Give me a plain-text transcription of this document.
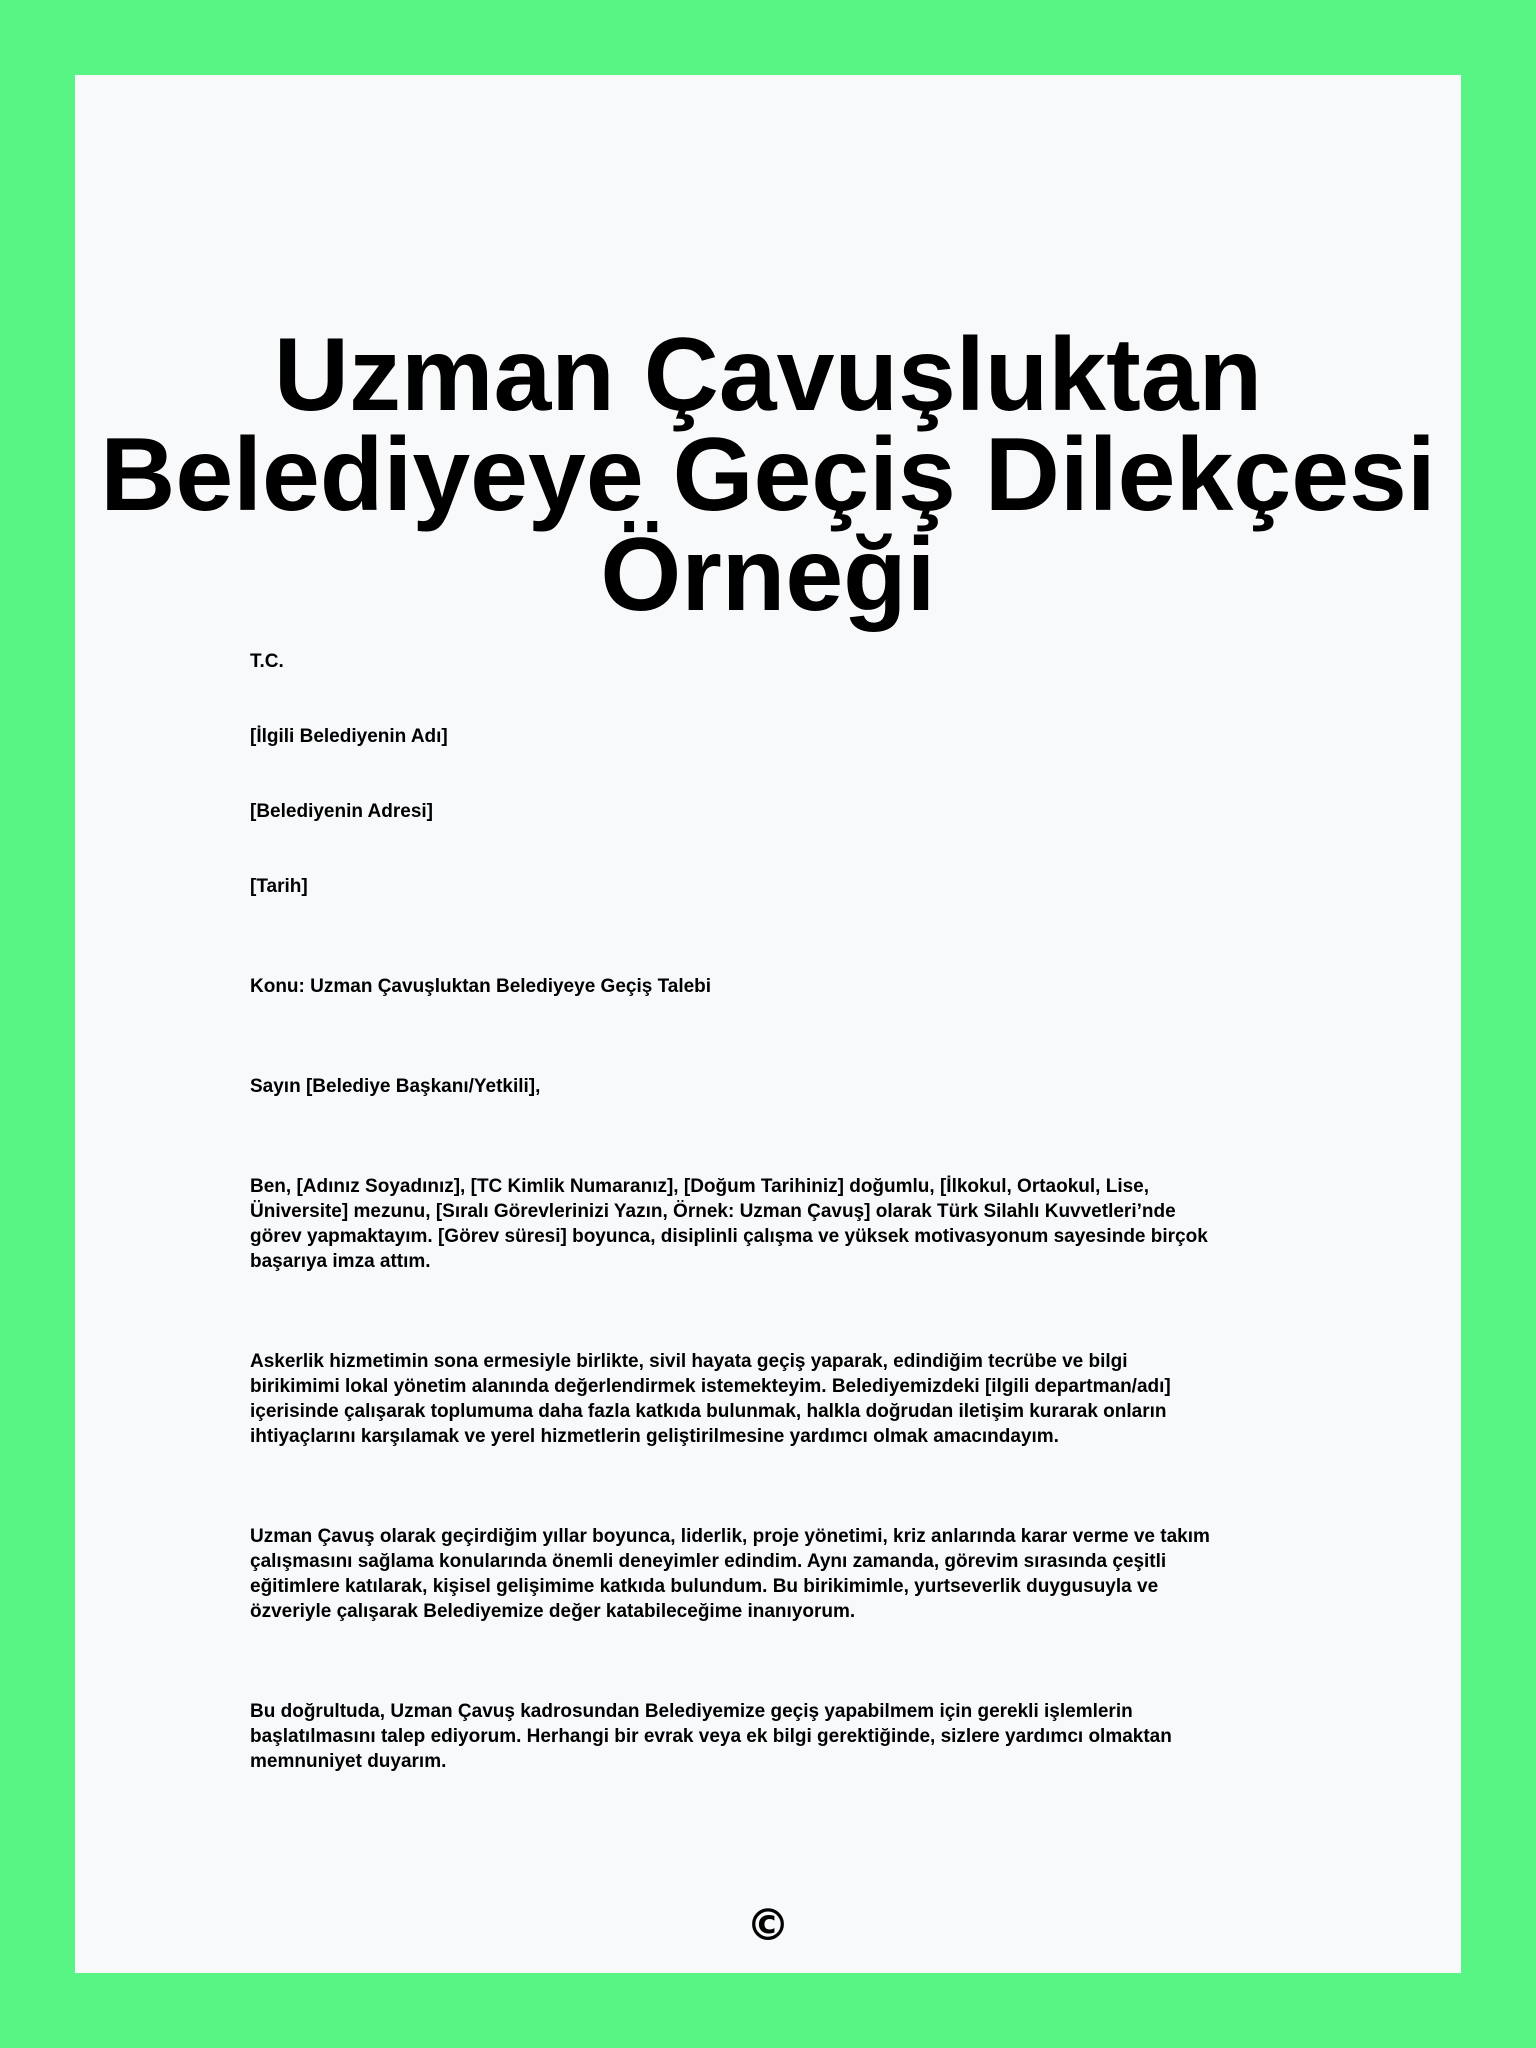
Uzman Çavuşluktan
Belediyeye Geçiş Dilekçesi
Örneği

T.C.

[İlgili Belediyenin Adı]

[Belediyenin Adresi]

[Tarih]

Konu: Uzman Çavuşluktan Belediyeye Geçiş Talebi

Sayın [Belediye Başkanı/Yetkili],

Ben, [Adınız Soyadınız], [TC Kimlik Numaranız], [Doğum Tarihiniz] doğumlu, [İlkokul, Ortaokul, Lise,
Üniversite] mezunu, [Sıralı Görevlerinizi Yazın, Örnek: Uzman Çavuş] olarak Türk Silahlı Kuvvetleri’nde
görev yapmaktayım. [Görev süresi] boyunca, disiplinli çalışma ve yüksek motivasyonum sayesinde birçok
başarıya imza attım.
Askerlik hizmetimin sona ermesiyle birlikte, sivil hayata geçiş yaparak, edindiğim tecrübe ve bilgi
birikimimi lokal yönetim alanında değerlendirmek istemekteyim. Belediyemizdeki [ilgili departman/adı]
içerisinde çalışarak toplumuma daha fazla katkıda bulunmak, halkla doğrudan iletişim kurarak onların
ihtiyaçlarını karşılamak ve yerel hizmetlerin geliştirilmesine yardımcı olmak amacındayım.
Uzman Çavuş olarak geçirdiğim yıllar boyunca, liderlik, proje yönetimi, kriz anlarında karar verme ve takım
çalışmasını sağlama konularında önemli deneyimler edindim. Aynı zamanda, görevim sırasında çeşitli
eğitimlere katılarak, kişisel gelişimime katkıda bulundum. Bu birikimimle, yurtseverlik duygusuyla ve
özveriyle çalışarak Belediyemize değer katabileceğime inanıyorum.
Bu doğrultuda, Uzman Çavuş kadrosundan Belediyemize geçiş yapabilmem için gerekli işlemlerin
başlatılmasını talep ediyorum. Herhangi bir evrak veya ek bilgi gerektiğinde, sizlere yardımcı olmaktan
memnuniyet duyarım.
©
